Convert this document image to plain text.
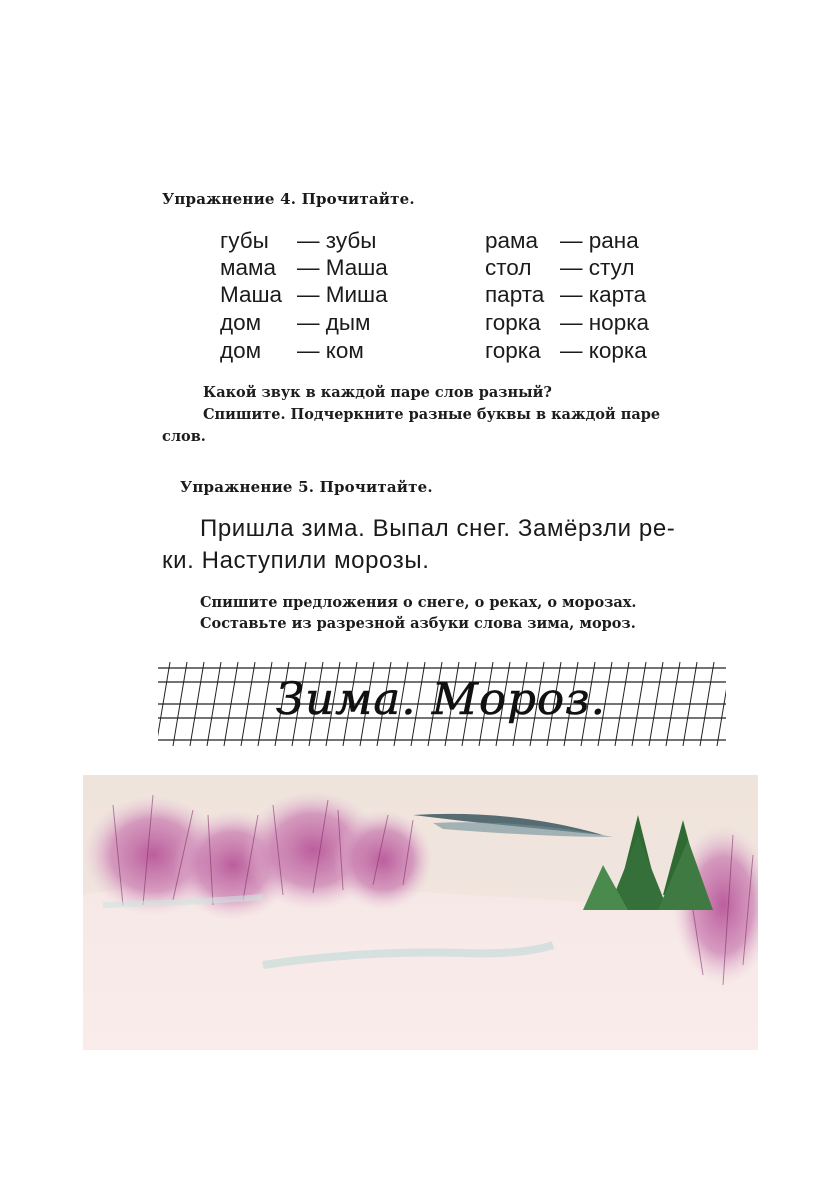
Упражнение 4. Прочитайте.
губы — зубы	рама — рана
мама — Маша	стол — стул
Маша — Миша	парта — карта
дом — дым	горка — норка
дом — ком	горка — корка
Какой звук в каждой паре слов разный?
Спишите. Подчеркните разные буквы в каждой паре
слов.
Упражнение 5. Прочитайте.
Пришла зима. Выпал снег. Замёрзли ре-
ки. Наступили морозы.
Спишите предложения о снеге, о реках, о морозах.
Составьте из разрезной азбуки слова зима, мороз.
Зима. Мороз.
